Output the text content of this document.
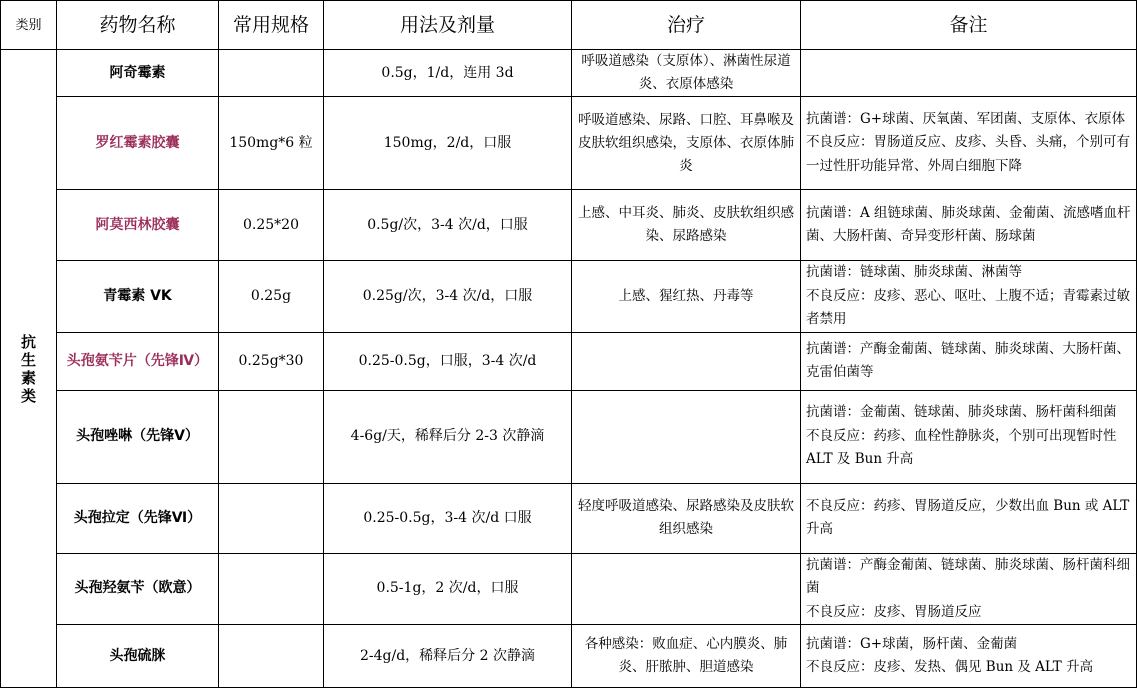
类别	药物名称	常用规格	用法及剂量	治疗	备注
抗生素类	阿奇霉素		0.5g，1/d，连用 3d	呼吸道感染（支原体）、淋菌性尿道炎、衣原体感染	
	罗红霉素胶囊	150mg*6 粒	150mg，2/d，口服	呼吸道感染、尿路、口腔、耳鼻喉及皮肤软组织感染，支原体、衣原体肺炎	抗菌谱：G+球菌、厌氧菌、军团菌、支原体、衣原体
不良反应：胃肠道反应、皮疹、头昏、头痛，个别可有一过性肝功能异常、外周白细胞下降

	阿莫西林胶囊	0.25*20	0.5g/次，3-4 次/d，口服	上感、中耳炎、肺炎、皮肤软组织感染、尿路感染	抗菌谱：A 组链球菌、肺炎球菌、金葡菌、流感嗜血杆菌、大肠杆菌、奇异变形杆菌、肠球菌

	青霉素 VK	0.25g	0.25g/次，3-4 次/d，口服	上感、猩红热、丹毒等	抗菌谱：链球菌、肺炎球菌、淋菌等
不良反应：皮疹、恶心、呕吐、上腹不适；青霉素过敏者禁用

	头孢氨苄片（先锋Ⅳ）	0.25g*30	0.25-0.5g，口服，3-4 次/d		抗菌谱：产酶金葡菌、链球菌、肺炎球菌、大肠杆菌、克雷伯菌等

	头孢唑啉（先锋Ⅴ）		4-6g/天，稀释后分 2-3 次静滴		抗菌谱：金葡菌、链球菌、肺炎球菌、肠杆菌科细菌
不良反应：药疹、血栓性静脉炎，个别可出现暂时性 ALT 及 Bun 升高

	头孢拉定（先锋Ⅵ）		0.25-0.5g，3-4 次/d 口服	轻度呼吸道感染、尿路感染及皮肤软组织感染	不良反应：药疹、胃肠道反应，少数出血 Bun 或 ALT 升高

	头孢羟氨苄（欧意）		0.5-1g，2 次/d，口服		抗菌谱：产酶金葡菌、链球菌、肺炎球菌、肠杆菌科细菌
不良反应：皮疹、胃肠道反应

	头孢硫脒		2-4g/d，稀释后分 2 次静滴	各种感染：败血症、心内膜炎、肺炎、肝脓肿、胆道感染	抗菌谱：G+球菌，肠杆菌、金葡菌
不良反应：皮疹、发热、偶见 Bun 及 ALT 升高
